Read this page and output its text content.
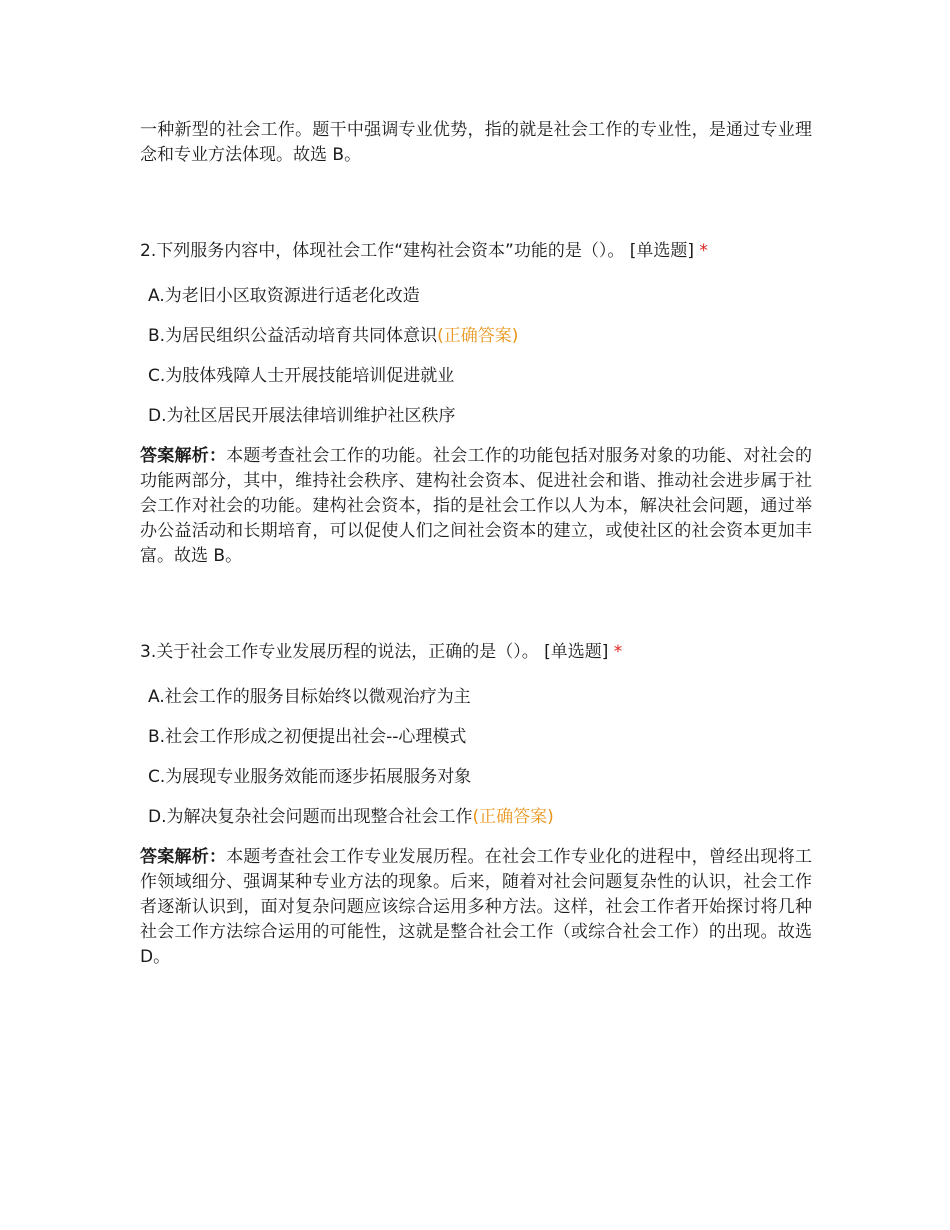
一种新型的社会工作。题干中强调专业优势，指的就是社会工作的专业性，是通过专业理念和专业方法体现。故选 B。

2.下列服务内容中，体现社会工作“建构社会资本”功能的是（）。 [单选题] *

A.为老旧小区取资源进行适老化改造

B.为居民组织公益活动培育共同体意识(正确答案)

C.为肢体残障人士开展技能培训促进就业

D.为社区居民开展法律培训维护社区秩序

答案解析：本题考查社会工作的功能。社会工作的功能包括对服务对象的功能、对社会的功能两部分，其中，维持社会秩序、建构社会资本、促进社会和谐、推动社会进步属于社会工作对社会的功能。建构社会资本，指的是社会工作以人为本，解决社会问题，通过举办公益活动和长期培育，可以促使人们之间社会资本的建立，或使社区的社会资本更加丰富。故选 B。

3.关于社会工作专业发展历程的说法，正确的是（）。 [单选题] *

A.社会工作的服务目标始终以微观治疗为主

B.社会工作形成之初便提出社会--心理模式

C.为展现专业服务效能而逐步拓展服务对象

D.为解决复杂社会问题而出现整合社会工作(正确答案)

答案解析：本题考查社会工作专业发展历程。在社会工作专业化的进程中，曾经出现将工作领域细分、强调某种专业方法的现象。后来，随着对社会问题复杂性的认识，社会工作者逐渐认识到，面对复杂问题应该综合运用多种方法。这样，社会工作者开始探讨将几种社会工作方法综合运用的可能性，这就是整合社会工作（或综合社会工作）的出现。故选 D。
